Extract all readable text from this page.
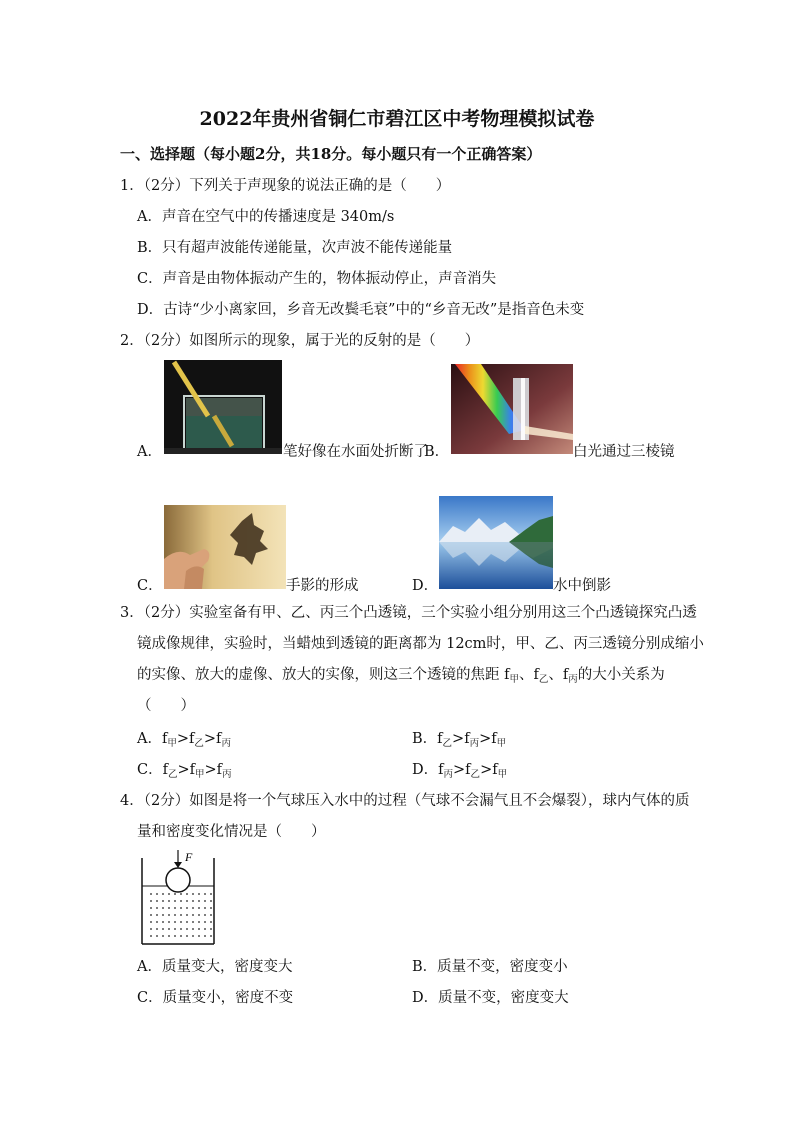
2022年贵州省铜仁市碧江区中考物理模拟试卷
一、选择题（每小题2分，共18分。每小题只有一个正确答案）
1．（2分）下列关于声现象的说法正确的是（　　）
A．声音在空气中的传播速度是 340m/s
B．只有超声波能传递能量，次声波不能传递能量
C．声音是由物体振动产生的，物体振动停止，声音消失
D．古诗“少小离家回，乡音无改鬓毛衰”中的“乡音无改”是指音色未变
2．（2分）如图所示的现象，属于光的反射的是（　　）
A．	笔好像在水面处折断了
B．	白光通过三棱镜
C．	手影的形成	D．	水中倒影
3．（2分）实验室备有甲、乙、丙三个凸透镜，三个实验小组分别用这三个凸透镜探究凸透
镜成像规律，实验时，当蜡烛到透镜的距离都为 12cm时，甲、乙、丙三透镜分别成缩小
的实像、放大的虚像、放大的实像，则这三个透镜的焦距 $f_甲$、$f_乙$、$f_丙$的大小关系为
（　　）
A．$f_甲>f_乙>f_丙$	B．$f_乙>f_丙>f_甲$
C．$f_乙>f_甲>f_丙$	D．$f_丙>f_乙>f_甲$
4．（2分）如图是将一个气球压入水中的过程（气球不会漏气且不会爆裂），球内气体的质
量和密度变化情况是（　　）
F
A．质量变大，密度变大	B．质量不变，密度变小
C．质量变小，密度不变	D．质量不变，密度变大
